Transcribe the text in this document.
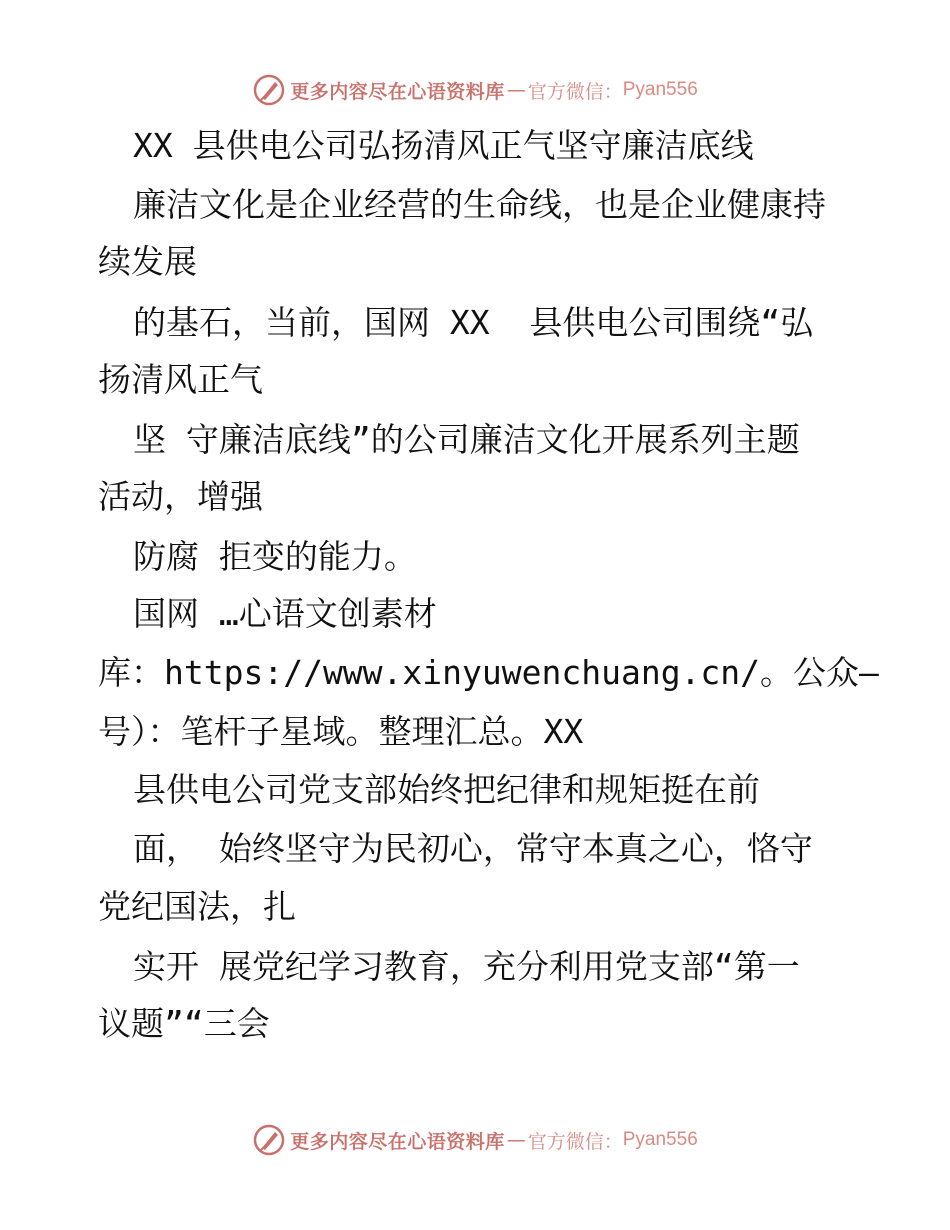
更多内容尽在心语资料库 — 官方微信： Pyan556
XX 县供电公司弘扬清风正气坚守廉洁底线
廉洁文化是企业经营的生命线，也是企业健康持
续发展
的基石，当前，国网 XX  县供电公司围绕“弘
扬清风正气
坚 守廉洁底线”的公司廉洁文化开展系列主题
活动，增强
防腐 拒变的能力。
国网 …心语文创素材
库：https://www.xinyuwenchuang.cn/。公众—
号）：笔杆子星域。整理汇总。XX
县供电公司党支部始终把纪律和规矩挺在前
面， 始终坚守为民初心，常守本真之心，恪守
党纪国法，扎
实开 展党纪学习教育，充分利用党支部“第一
议题”“三会
更多内容尽在心语资料库 — 官方微信： Pyan556
